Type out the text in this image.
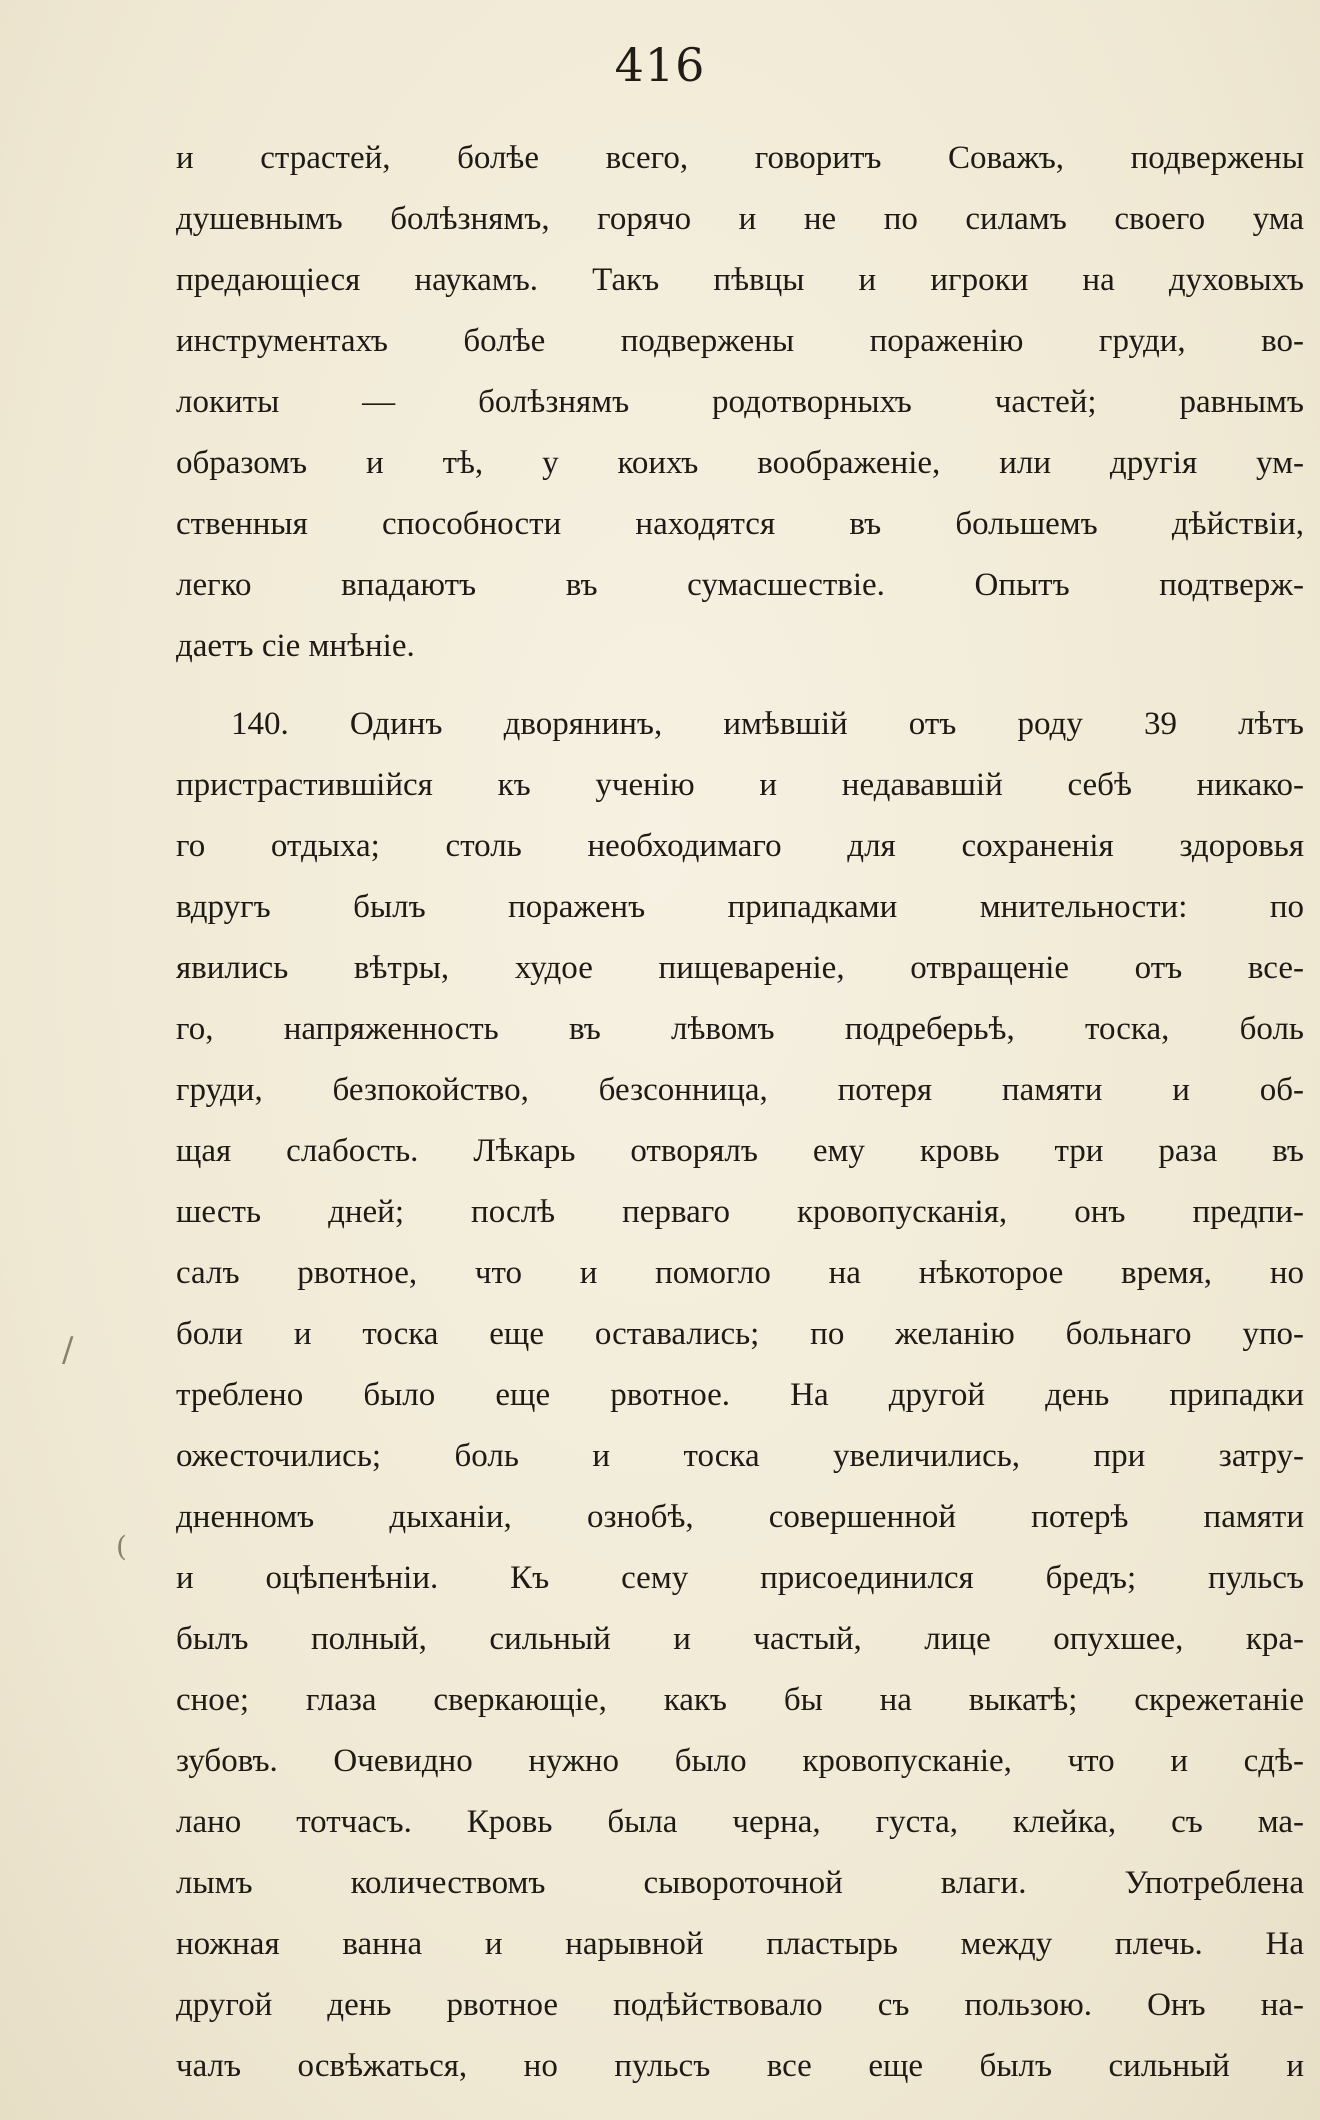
416
и страстей, болѣе всего, говоритъ Соважъ, подвержены
душевнымъ болѣзнямъ, горячо и не по силамъ своего ума
предающіеся наукамъ. Такъ пѣвцы и игроки на духовыхъ
инструментахъ болѣе подвержены пораженію груди, во-
локиты — болѣзнямъ родотворныхъ частей; равнымъ
образомъ и тѣ, у коихъ воображеніе, или другія ум-
ственныя способности находятся въ большемъ дѣйствіи,
легко впадаютъ въ сумасшествіе. Опытъ подтверж-
даетъ сіе мнѣніе.
140. Одинъ дворянинъ, имѣвшій отъ роду 39 лѣтъ
пристрастившійся къ ученію и недававшій себѣ никако-
го отдыха; столь необходимаго для сохраненія здоровья
вдругъ былъ пораженъ припадками мнительности: по
явились вѣтры, худое пищевареніе, отвращеніе отъ все-
го, напряженность въ лѣвомъ подреберьѣ, тоска, боль
груди, безпокойство, безсонница, потеря памяти и об-
щая слабость. Лѣкарь отворялъ ему кровь три раза въ
шесть дней; послѣ перваго кровопусканія, онъ предпи-
салъ рвотное, что и помогло на нѣкоторое время, но
боли и тоска еще оставались; по желанію больнаго упо-
треблено было еще рвотное. На другой день припадки
ожесточились; боль и тоска увеличились, при затру-
дненномъ дыханіи, ознобѣ, совершенной потерѣ памяти
и оцѣпенѣніи. Къ сему присоединился бредъ; пульсъ
былъ полный, сильный и частый, лице опухшее, кра-
сное; глаза сверкающіе, какъ бы на выкатѣ; скрежетаніе
зубовъ. Очевидно нужно было кровопусканіе, что и сдѣ-
лано тотчасъ. Кровь была черна, густа, клейка, съ ма-
лымъ количествомъ сывороточной влаги. Употреблена
ножная ванна и нарывной пластырь между плечь. На
другой день рвотное подѣйствовало съ пользою. Онъ на-
чалъ освѣжаться, но пульсъ все еще былъ сильный и
/
(
